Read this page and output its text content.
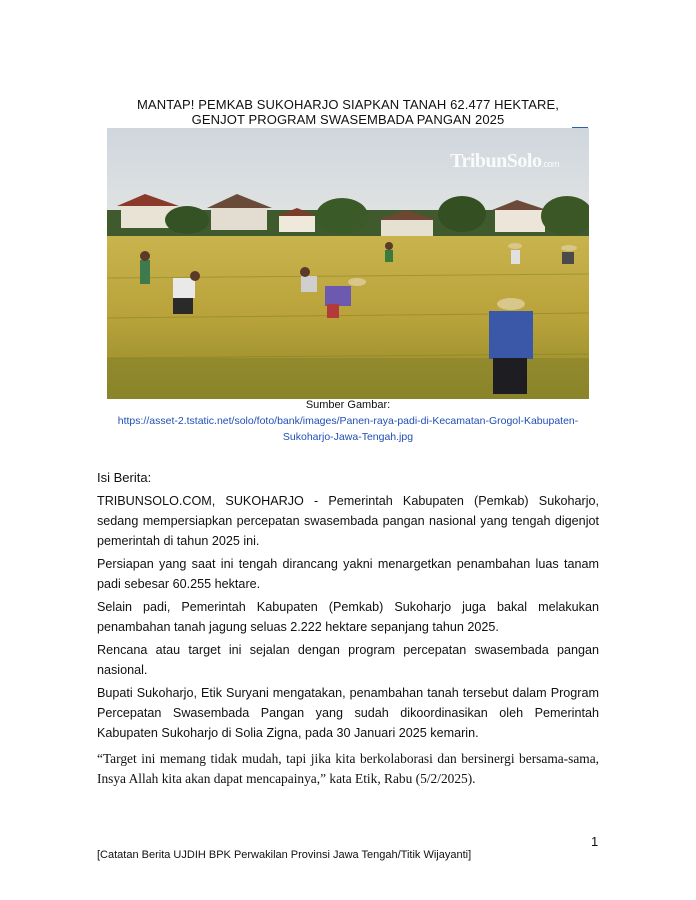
MANTAP! PEMKAB SUKOHARJO SIAPKAN TANAH 62.477 HEKTARE,
GENJOT PROGRAM SWASEMBADA PANGAN 2025
TribunSolo.com
Sumber Gambar:
https://asset-2.tstatic.net/solo/foto/bank/images/Panen-raya-padi-di-Kecamatan-Grogol-Kabupaten-
Sukoharjo-Jawa-Tengah.jpg

Isi Berita:

TRIBUNSOLO.COM, SUKOHARJO - Pemerintah Kabupaten (Pemkab) Sukoharjo, sedang mempersiapkan percepatan swasembada pangan nasional yang tengah digenjot pemerintah di tahun 2025 ini.

Persiapan yang saat ini tengah dirancang yakni menargetkan penambahan luas tanam padi sebesar 60.255 hektare.

Selain padi, Pemerintah Kabupaten (Pemkab) Sukoharjo juga bakal melakukan penambahan tanah jagung seluas 2.222 hektare sepanjang tahun 2025.

Rencana atau target ini sejalan dengan program percepatan swasembada pangan nasional.

Bupati Sukoharjo, Etik Suryani mengatakan, penambahan tanah tersebut dalam Program Percepatan Swasembada Pangan yang sudah dikoordinasikan oleh Pemerintah Kabupaten Sukoharjo di Solia Zigna, pada 30 Januari 2025 kemarin.

“Target ini memang tidak mudah, tapi jika kita berkolaborasi dan bersinergi bersama-sama, Insya Allah kita akan dapat mencapainya,” kata Etik, Rabu (5/2/2025).

1
[Catatan Berita UJDIH BPK Perwakilan Provinsi Jawa Tengah/Titik Wijayanti]
